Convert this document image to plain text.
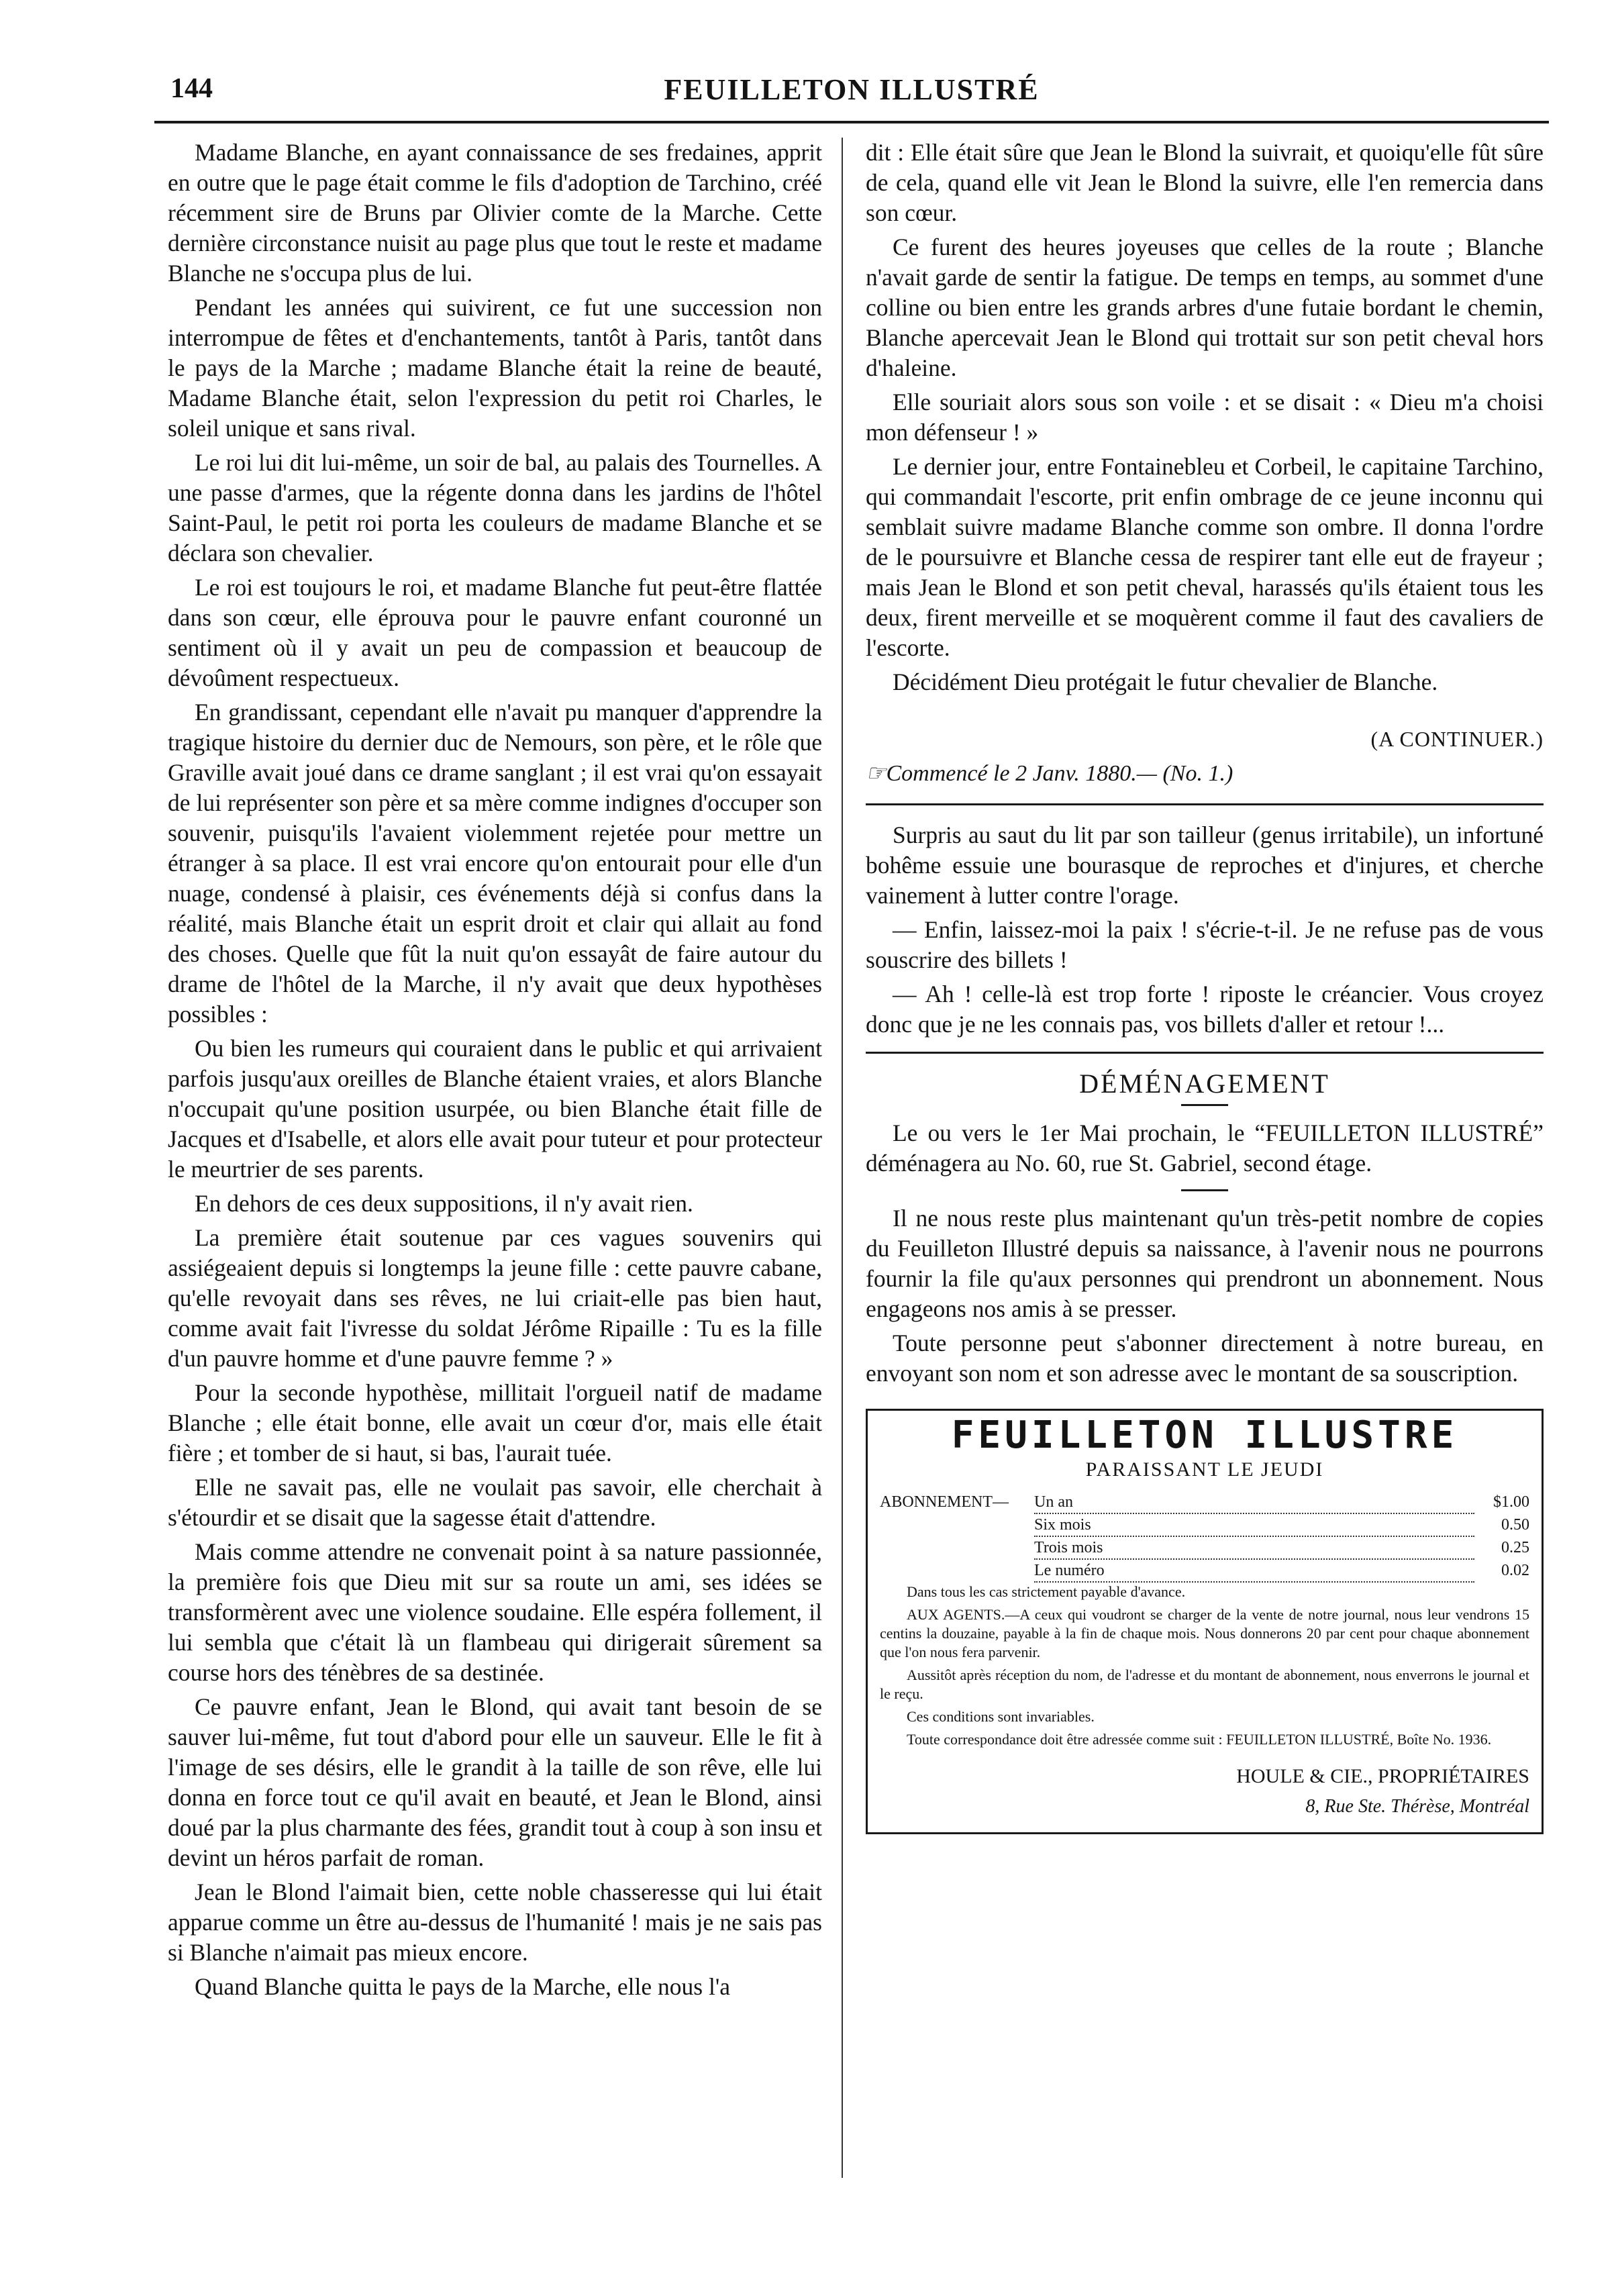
144	FEUILLETON ILLUSTRÉ

Madame Blanche, en ayant connaissance de ses fredaines, apprit en outre que le page était comme le fils d'adoption de Tarchino, créé récemment sire de Bruns par Olivier comte de la Marche. Cette dernière circonstance nuisit au page plus que tout le reste et madame Blanche ne s'occupa plus de lui.

Pendant les années qui suivirent, ce fut une succession non interrompue de fêtes et d'enchantements, tantôt à Paris, tantôt dans le pays de la Marche ; madame Blanche était la reine de beauté, Madame Blanche était, selon l'expression du petit roi Charles, le soleil unique et sans rival.

Le roi lui dit lui-même, un soir de bal, au palais des Tournelles. A une passe d'armes, que la régente donna dans les jardins de l'hôtel Saint-Paul, le petit roi porta les couleurs de madame Blanche et se déclara son chevalier.

Le roi est toujours le roi, et madame Blanche fut peut-être flattée dans son cœur, elle éprouva pour le pauvre enfant couronné un sentiment où il y avait un peu de compassion et beaucoup de dévoûment respectueux.

En grandissant, cependant elle n'avait pu manquer d'apprendre la tragique histoire du dernier duc de Nemours, son père, et le rôle que Graville avait joué dans ce drame sanglant ; il est vrai qu'on essayait de lui représenter son père et sa mère comme indignes d'occuper son souvenir, puisqu'ils l'avaient violemment rejetée pour mettre un étranger à sa place. Il est vrai encore qu'on entourait pour elle d'un nuage, condensé à plaisir, ces événements déjà si confus dans la réalité, mais Blanche était un esprit droit et clair qui allait au fond des choses. Quelle que fût la nuit qu'on essayât de faire autour du drame de l'hôtel de la Marche, il n'y avait que deux hypothèses possibles :

Ou bien les rumeurs qui couraient dans le public et qui arrivaient parfois jusqu'aux oreilles de Blanche étaient vraies, et alors Blanche n'occupait qu'une position usurpée, ou bien Blanche était fille de Jacques et d'Isabelle, et alors elle avait pour tuteur et pour protecteur le meurtrier de ses parents.

En dehors de ces deux suppositions, il n'y avait rien.

La première était soutenue par ces vagues souvenirs qui assiégeaient depuis si longtemps la jeune fille : cette pauvre cabane, qu'elle revoyait dans ses rêves, ne lui criait-elle pas bien haut, comme avait fait l'ivresse du soldat Jérôme Ripaille : Tu es la fille d'un pauvre homme et d'une pauvre femme ? »

Pour la seconde hypothèse, millitait l'orgueil natif de madame Blanche ; elle était bonne, elle avait un cœur d'or, mais elle était fière ; et tomber de si haut, si bas, l'aurait tuée.

Elle ne savait pas, elle ne voulait pas savoir, elle cherchait à s'étourdir et se disait que la sagesse était d'attendre.

Mais comme attendre ne convenait point à sa nature passionnée, la première fois que Dieu mit sur sa route un ami, ses idées se transformèrent avec une violence soudaine. Elle espéra follement, il lui sembla que c'était là un flambeau qui dirigerait sûrement sa course hors des ténèbres de sa destinée.

Ce pauvre enfant, Jean le Blond, qui avait tant besoin de se sauver lui-même, fut tout d'abord pour elle un sauveur. Elle le fit à l'image de ses désirs, elle le grandit à la taille de son rêve, elle lui donna en force tout ce qu'il avait en beauté, et Jean le Blond, ainsi doué par la plus charmante des fées, grandit tout à coup à son insu et devint un héros parfait de roman.

Jean le Blond l'aimait bien, cette noble chasseresse qui lui était apparue comme un être au-dessus de l'humanité ! mais je ne sais pas si Blanche n'aimait pas mieux encore.

Quand Blanche quitta le pays de la Marche, elle nous l'a

dit : Elle était sûre que Jean le Blond la suivrait, et quoiqu'elle fût sûre de cela, quand elle vit Jean le Blond la suivre, elle l'en remercia dans son cœur.

Ce furent des heures joyeuses que celles de la route ; Blanche n'avait garde de sentir la fatigue. De temps en temps, au sommet d'une colline ou bien entre les grands arbres d'une futaie bordant le chemin, Blanche apercevait Jean le Blond qui trottait sur son petit cheval hors d'haleine.

Elle souriait alors sous son voile : et se disait : « Dieu m'a choisi mon défenseur ! »

Le dernier jour, entre Fontainebleu et Corbeil, le capitaine Tarchino, qui commandait l'escorte, prit enfin ombrage de ce jeune inconnu qui semblait suivre madame Blanche comme son ombre. Il donna l'ordre de le poursuivre et Blanche cessa de respirer tant elle eut de frayeur ; mais Jean le Blond et son petit cheval, harassés qu'ils étaient tous les deux, firent merveille et se moquèrent comme il faut des cavaliers de l'escorte.

Décidément Dieu protégait le futur chevalier de Blanche.

(A CONTINUER.)
☞Commencé le 2 Janv. 1880.— (No. 1.)

Surpris au saut du lit par son tailleur (genus irritabile), un infortuné bohême essuie une bourasque de reproches et d'injures, et cherche vainement à lutter contre l'orage.

— Enfin, laissez-moi la paix ! s'écrie-t-il. Je ne refuse pas de vous souscrire des billets !

— Ah ! celle-là est trop forte ! riposte le créancier. Vous croyez donc que je ne les connais pas, vos billets d'aller et retour !...

DÉMÉNAGEMENT

Le ou vers le 1er Mai prochain, le “FEUILLETON ILLUSTRÉ” déménagera au No. 60, rue St. Gabriel, second étage.

Il ne nous reste plus maintenant qu'un très-petit nombre de copies du Feuilleton Illustré depuis sa naissance, à l'avenir nous ne pourrons fournir la file qu'aux personnes qui prendront un abonnement. Nous engageons nos amis à se presser.

Toute personne peut s'abonner directement à notre bureau, en envoyant son nom et son adresse avec le montant de sa souscription.

FEUILLETON ILLUSTRE
PARAISSANT LE JEUDI
ABONNEMENT—	Un an	$1.00
Six mois	0.50
Trois mois	0.25
Le numéro	0.02

Dans tous les cas strictement payable d'avance.

AUX AGENTS.—A ceux qui voudront se charger de la vente de notre journal, nous leur vendrons 15 centins la douzaine, payable à la fin de chaque mois. Nous donnerons 20 par cent pour chaque abonnement que l'on nous fera parvenir.

Aussitôt après réception du nom, de l'adresse et du montant de abonnement, nous enverrons le journal et le reçu.

Ces conditions sont invariables.

Toute correspondance doit être adressée comme suit : FEUILLETON ILLUSTRÉ, Boîte No. 1936.

HOULE & CIE., PROPRIÉTAIRES
8, Rue Ste. Thérèse, Montréal
